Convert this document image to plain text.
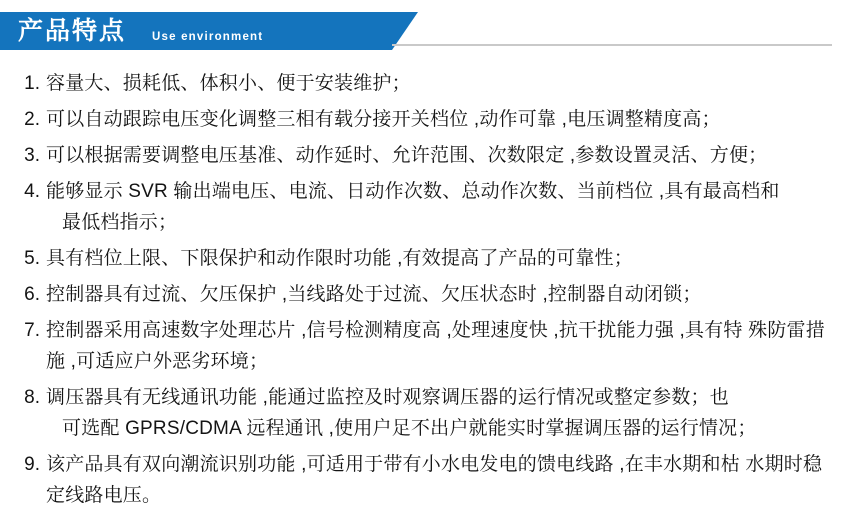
产品特点 Use environment
1. 容量大、损耗低、体积小、便于安装维护；
2. 可以自动跟踪电压变化调整三相有载分接开关档位 ,动作可靠 ,电压调整精度高；
3. 可以根据需要调整电压基准、动作延时、允许范围、次数限定 ,参数设置灵活、方便；
4. 能够显示 SVR 输出端电压、电流、日动作次数、总动作次数、当前档位 ,具有最高档和
最低档指示；
5. 具有档位上限、下限保护和动作限时功能 ,有效提高了产品的可靠性；
6. 控制器具有过流、欠压保护 ,当线路处于过流、欠压状态时 ,控制器自动闭锁；
7. 控制器采用高速数字处理芯片 ,信号检测精度高 ,处理速度快 ,抗干扰能力强 ,具有特 殊防雷措施 ,可适应户外恶劣环境；
8. 调压器具有无线通讯功能 ,能通过监控及时观察调压器的运行情况或整定参数；也
可选配 GPRS/CDMA 远程通讯 ,使用户足不出户就能实时掌握调压器的运行情况；
9. 该产品具有双向潮流识别功能 ,可适用于带有小水电发电的馈电线路 ,在丰水期和枯 水期时稳定线路电压。
